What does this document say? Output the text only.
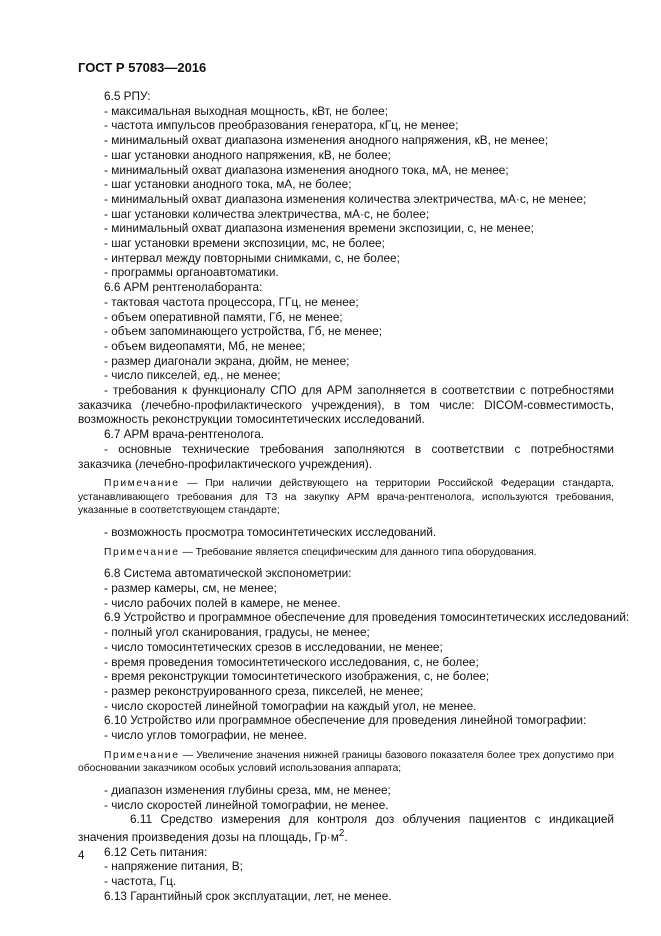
ГОСТ Р 57083—2016
6.5 РПУ:
- максимальная выходная мощность, кВт, не более;
- частота импульсов преобразования генератора, кГц, не менее;
- минимальный охват диапазона изменения анодного напряжения, кВ, не менее;
- шаг установки анодного напряжения, кВ, не более;
- минимальный охват диапазона изменения анодного тока, мА, не менее;
- шаг установки анодного тока, мА, не более;
- минимальный охват диапазона изменения количества электричества, мА·с, не менее;
- шаг установки количества электричества, мА·с, не более;
- минимальный охват диапазона изменения времени экспозиции, с, не менее;
- шаг установки времени экспозиции, мс, не более;
- интервал между повторными снимками, с, не более;
- программы органоавтоматики.
6.6 АРМ рентгенолаборанта:
- тактовая частота процессора, ГГц, не менее;
- объем оперативной памяти, Гб, не менее;
- объем запоминающего устройства, Гб, не менее;
- объем видеопамяти, Мб, не менее;
- размер диагонали экрана, дюйм, не менее;
- число пикселей, ед., не менее;
- требования к функционалу СПО для АРМ заполняется в соответствии с потребностями заказчика (лечебно-профилактического учреждения), в том числе: DICOM-совместимость, возможность реконструкции томосинтетических исследований.
6.7 АРМ врача-рентгенолога.
- основные технические требования заполняются в соответствии с потребностями заказчика (лечебно-профилактического учреждения).
Примечание — При наличии действующего на территории Российской Федерации стандарта, устанавливающего требования для ТЗ на закупку АРМ врача-рентгенолога, используются требования, указанные в соответствующем стандарте;
- возможность просмотра томосинтетических исследований.
Примечание — Требование является специфическим для данного типа оборудования.
6.8 Система автоматической экспонометрии:
- размер камеры, см, не менее;
- число рабочих полей в камере, не менее.
6.9 Устройство и программное обеспечение для проведения томосинтетических исследований:
- полный угол сканирования, градусы, не менее;
- число томосинтетических срезов в исследовании, не менее;
- время проведения томосинтетического исследования, с, не более;
- время реконструкции томосинтетического изображения, с, не более;
- размер реконструированного среза, пикселей, не менее;
- число скоростей линейной томографии на каждый угол, не менее.
6.10 Устройство или программное обеспечение для проведения линейной томографии:
- число углов томографии, не менее.
Примечание — Увеличение значения нижней границы базового показателя более трех допустимо при обосновании заказчиком особых условий использования аппарата;
- диапазон изменения глубины среза, мм, не менее;
- число скоростей линейной томографии, не менее.
6.11 Средство измерения для контроля доз облучения пациентов с индикацией значения произведения дозы на площадь, $Гр\cdot м^2$.
6.12 Сеть питания:
- напряжение питания, В;
- частота, Гц.
6.13 Гарантийный срок эксплуатации, лет, не менее.
4
